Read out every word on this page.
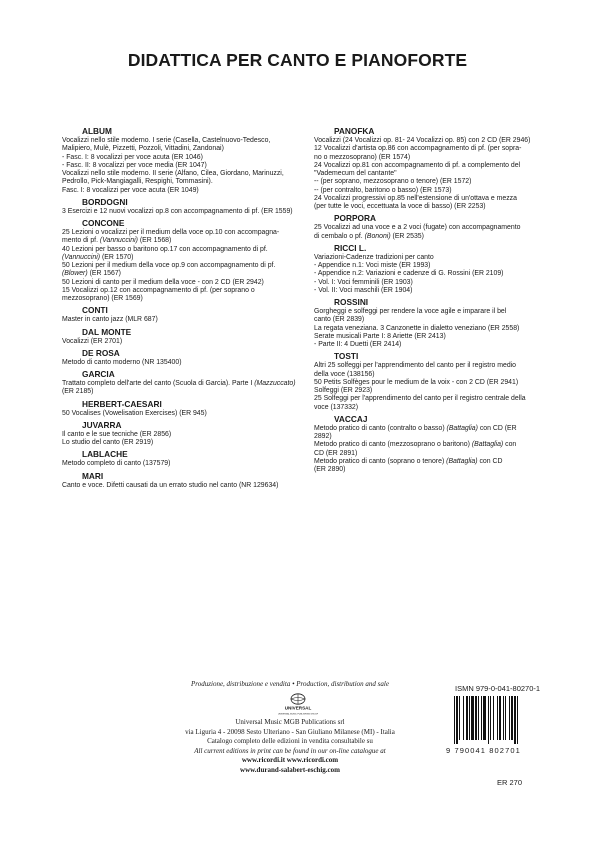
DIDATTICA PER CANTO E PIANOFORTE
ALBUM
Vocalizzi nello stile moderno. I serie (Casella, Castelnuovo-Tedesco,
Malipiero, Mulè, Pizzetti, Pozzoli, Vittadini, Zandonai)
- Fasc. I: 8 vocalizzi per voce acuta (ER 1046)
- Fasc. II: 8 vocalizzi per voce media (ER 1047)
Vocalizzi nello stile moderno. II serie (Alfano, Cilea, Giordano, Marinuzzi,
Pedrollo, Pick-Mangiagalli, Respighi, Tommasini).
Fasc. I: 8 vocalizzi per voce acuta (ER 1049)
BORDOGNI
3 Esercizi e 12 nuovi vocalizzi op.8 con accompagnamento di pf. (ER 1559)
CONCONE
25 Lezioni o vocalizzi per il medium della voce op.10 con accompagna-
mento di pf. (Vannuccini) (ER 1568)
40 Lezioni per basso o baritono op.17 con accompagnamento di pf.
(Vannuccini) (ER 1570)
50 Lezioni per il medium della voce op.9 con accompagnamento di pf.
(Blower) (ER 1567)
50 Lezioni di canto per il medium della voce - con 2 CD (ER 2942)
15 Vocalizzi op.12 con accompagnamento di pf. (per soprano o
mezzosoprano) (ER 1569)
CONTI
Master in canto jazz (MLR 687)
DAL MONTE
Vocalizzi (ER 2701)
DE ROSA
Metodo di canto moderno (NR 135400)
GARCIA
Trattato completo dell'arte del canto (Scuola di Garcia). Parte I (Mazzuccato)
(ER 2185)
HERBERT-CAESARI
50 Vocalises (Vowelisation Exercises) (ER 945)
JUVARRA
Il canto e le sue tecniche (ER 2856)
Lo studio del canto (ER 2919)
LABLACHE
Metodo completo di canto (137579)
MARI
Canto e voce. Difetti causati da un errato studio nel canto (NR 129634)
PANOFKA
Vocalizzi (24 Vocalizzi op. 81- 24 Vocalizzi op. 85) con 2 CD (ER 2946)
12 Vocalizzi d'artista op.86 con accompagnamento di pf. (per sopra-
no o mezzosoprano) (ER 1574)
24 Vocalizzi op.81 con accompagnamento di pf. a complemento del
"Vademecum del cantante"
-- (per soprano, mezzosoprano o tenore) (ER 1572)
-- (per contralto, baritono o basso) (ER 1573)
24 Vocalizzi progressivi op.85 nell'estensione di un'ottava e mezza
(per tutte le voci, eccettuata la voce di basso) (ER 2253)
PORPORA
25 Vocalizzi ad una voce e a 2 voci (fugate) con accompagnamento
di cembalo o pf. (Bononi) (ER 2535)
RICCI L.
Variazioni-Cadenze tradizioni per canto
- Appendice n.1: Voci miste (ER 1993)
- Appendice n.2: Variazioni e cadenze di G. Rossini (ER 2109)
- Vol. I: Voci femminili (ER 1903)
- Vol. II: Voci maschili (ER 1904)
ROSSINI
Gorgheggi e solfeggi per rendere la voce agile e imparare il bel
canto (ER 2839)
La regata veneziana. 3 Canzonette in dialetto veneziano (ER 2558)
Serate musicali Parte I: 8 Ariette (ER 2413)
- Parte II: 4 Duetti (ER 2414)
TOSTI
Altri 25 solfeggi per l'apprendimento del canto per il registro medio
della voce (138156)
50 Petits Solfèges pour le medium de la voix - con 2 CD (ER 2941)
Solfeggi (ER 2923)
25 Solfeggi per l'apprendimento del canto per il registro centrale della
voce (137332)
VACCAJ
Metodo pratico di canto (contralto o basso) (Battaglia) con CD (ER
2892)
Metodo pratico di canto (mezzosoprano o baritono) (Battaglia) con
CD (ER 2891)
Metodo pratico di canto (soprano o tenore) (Battaglia) con CD
(ER 2890)
Produzione, distribuzione e vendita • Production, distribution and sale
UNIVERSAL
UNIVERSAL MUSIC PUBLISHING GROUP
Universal Music MGB Publications srl
via Liguria 4 - 20098 Sesto Ulteriano - San Giuliano Milanese (MI) - Italia
Catalogo completo delle edizioni in vendita consultabile su
All current editions in print can be found in our on-line catalogue at
www.ricordi.it www.ricordi.com
www.durand-salabert-eschig.com
ISMN 979-0-041-80270-1
9 790041 802701
ER 270
